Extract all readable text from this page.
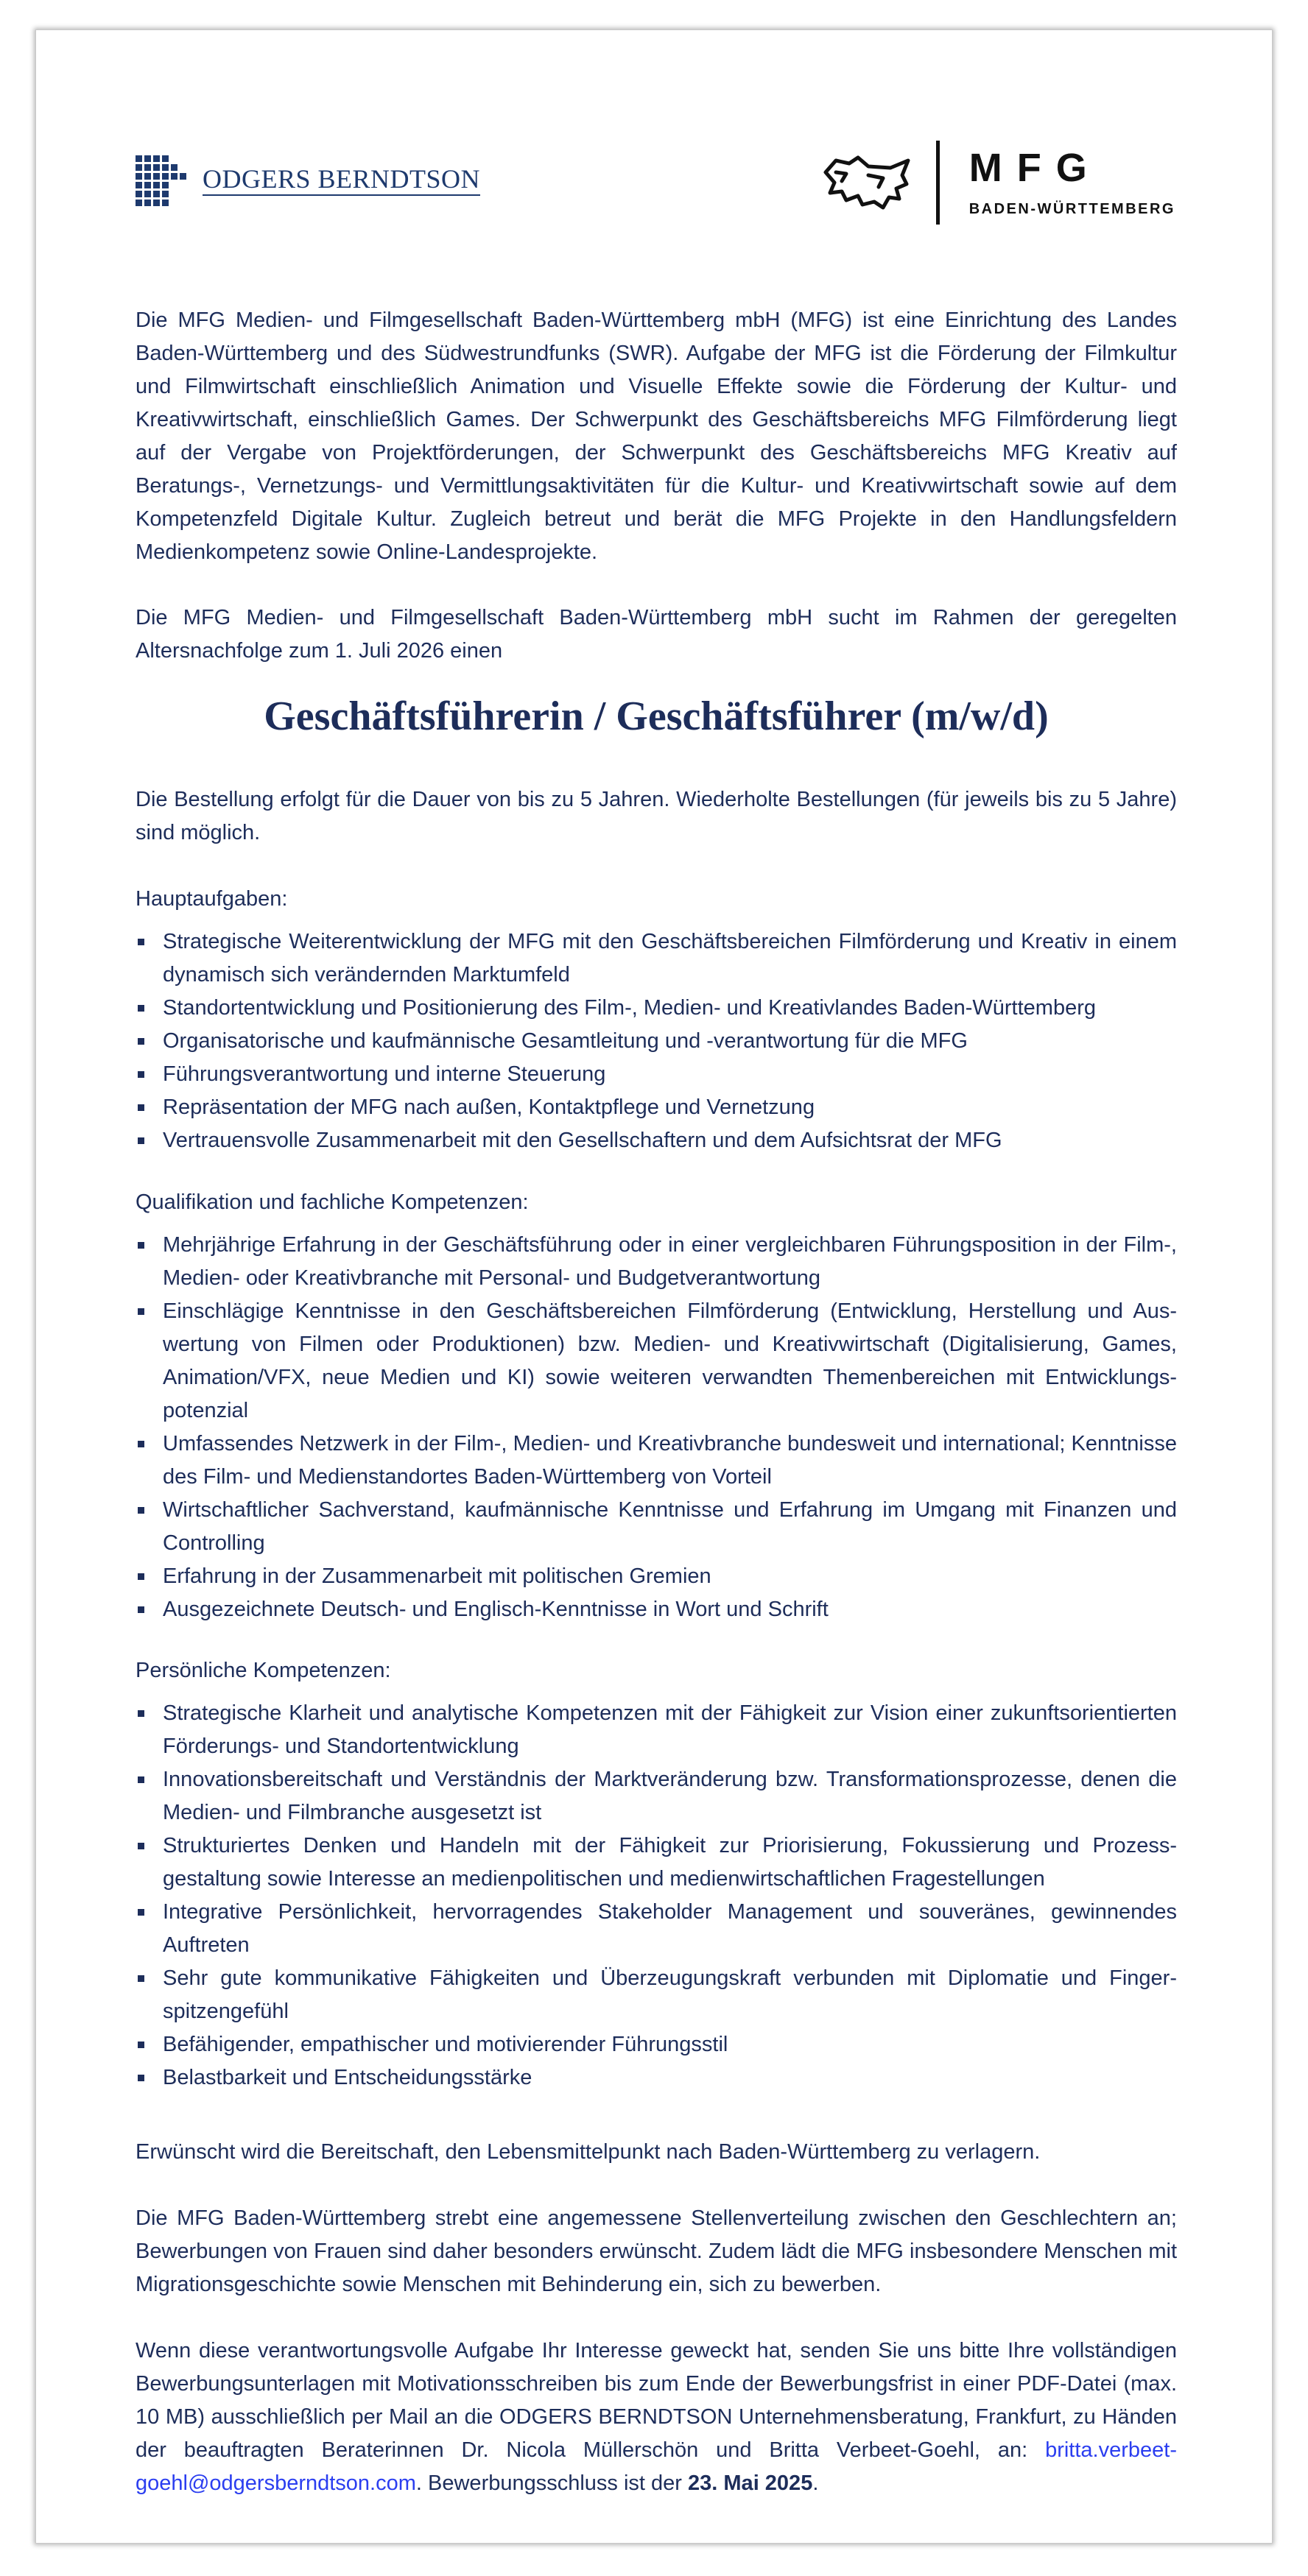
ODGERS BERNDTSON	MFG
BADEN-WÜRTTEMBERG

Die MFG Medien- und Filmgesellschaft Baden-Württemberg mbH (MFG) ist eine Einrichtung des Landes Baden-Württemberg und des Südwestrundfunks (SWR). Aufgabe der MFG ist die Förderung der Filmkultur und Filmwirtschaft einschließlich Animation und Visuelle Effekte sowie die Förderung der Kultur- und Kreativwirtschaft, einschließlich Games. Der Schwerpunkt des Geschäftsbereichs MFG Filmförderung liegt auf der Vergabe von Projektförderungen, der Schwerpunkt des Geschäftsbereichs MFG Kreativ auf Beratungs-, Vernetzungs- und Vermittlungsaktivitäten für die Kultur- und Kreativwirtschaft sowie auf dem Kompetenzfeld Digitale Kultur. Zugleich betreut und berät die MFG Projekte in den Handlungsfeldern Medienkompetenz sowie Online-Landesprojekte.

Die MFG Medien- und Filmgesellschaft Baden-Württemberg mbH sucht im Rahmen der geregelten Altersnachfolge zum 1. Juli 2026 einen

Geschäftsführerin / Geschäftsführer (m/w/d)

Die Bestellung erfolgt für die Dauer von bis zu 5 Jahren. Wiederholte Bestellungen (für jeweils bis zu 5 Jahre) sind möglich.

Hauptaufgaben:

Strategische Weiterentwicklung der MFG mit den Geschäftsbereichen Filmförderung und Kreativ in einem dynamisch sich verändernden Marktumfeld
Standortentwicklung und Positionierung des Film-, Medien- und Kreativlandes Baden-Württemberg
Organisatorische und kaufmännische Gesamtleitung und -verantwortung für die MFG
Führungsverantwortung und interne Steuerung
Repräsentation der MFG nach außen, Kontaktpflege und Vernetzung
Vertrauensvolle Zusammenarbeit mit den Gesellschaftern und dem Aufsichtsrat der MFG

Qualifikation und fachliche Kompetenzen:

Mehrjährige Erfahrung in der Geschäftsführung oder in einer vergleichbaren Führungsposition in der Film-, Medien- oder Kreativbranche mit Personal- und Budgetverantwortung
Einschlägige Kenntnisse in den Geschäftsbereichen Filmförderung (Entwicklung, Herstellung und Auswertung von Filmen oder Produktionen) bzw. Medien- und Kreativwirtschaft (Digitalisierung, Games, Animation/VFX, neue Medien und KI) sowie weiteren verwandten Themenbereichen mit Entwicklungspotenzial
Umfassendes Netzwerk in der Film-, Medien- und Kreativbranche bundesweit und international; Kenntnisse des Film- und Medienstandortes Baden-Württemberg von Vorteil
Wirtschaftlicher Sachverstand, kaufmännische Kenntnisse und Erfahrung im Umgang mit Finanzen und Controlling
Erfahrung in der Zusammenarbeit mit politischen Gremien
Ausgezeichnete Deutsch- und Englisch-Kenntnisse in Wort und Schrift

Persönliche Kompetenzen:

Strategische Klarheit und analytische Kompetenzen mit der Fähigkeit zur Vision einer zukunftsorientierten Förderungs- und Standortentwicklung
Innovationsbereitschaft und Verständnis der Marktveränderung bzw. Transformationsprozesse, denen die Medien- und Filmbranche ausgesetzt ist
Strukturiertes Denken und Handeln mit der Fähigkeit zur Priorisierung, Fokussierung und Prozessgestaltung sowie Interesse an medienpolitischen und medienwirtschaftlichen Fragestellungen
Integrative Persönlichkeit, hervorragendes Stakeholder Management und souveränes, gewinnendes Auftreten
Sehr gute kommunikative Fähigkeiten und Überzeugungskraft verbunden mit Diplomatie und Fingerspitzengefühl
Befähigender, empathischer und motivierender Führungsstil
Belastbarkeit und Entscheidungsstärke

Erwünscht wird die Bereitschaft, den Lebensmittelpunkt nach Baden-Württemberg zu verlagern.

Die MFG Baden-Württemberg strebt eine angemessene Stellenverteilung zwischen den Geschlechtern an; Bewerbungen von Frauen sind daher besonders erwünscht. Zudem lädt die MFG insbesondere Menschen mit Migrationsgeschichte sowie Menschen mit Behinderung ein, sich zu bewerben.

Wenn diese verantwortungsvolle Aufgabe Ihr Interesse geweckt hat, senden Sie uns bitte Ihre vollständigen Bewerbungsunterlagen mit Motivationsschreiben bis zum Ende der Bewerbungsfrist in einer PDF-Datei (max. 10 MB) ausschließlich per Mail an die ODGERS BERNDTSON Unternehmensberatung, Frankfurt, zu Händen der beauftragten Beraterinnen Dr. Nicola Müllerschön und Britta Verbeet-Goehl, an: britta.verbeetgoehl@odgersberndtson.com. Bewerbungsschluss ist der 23. Mai 2025.
